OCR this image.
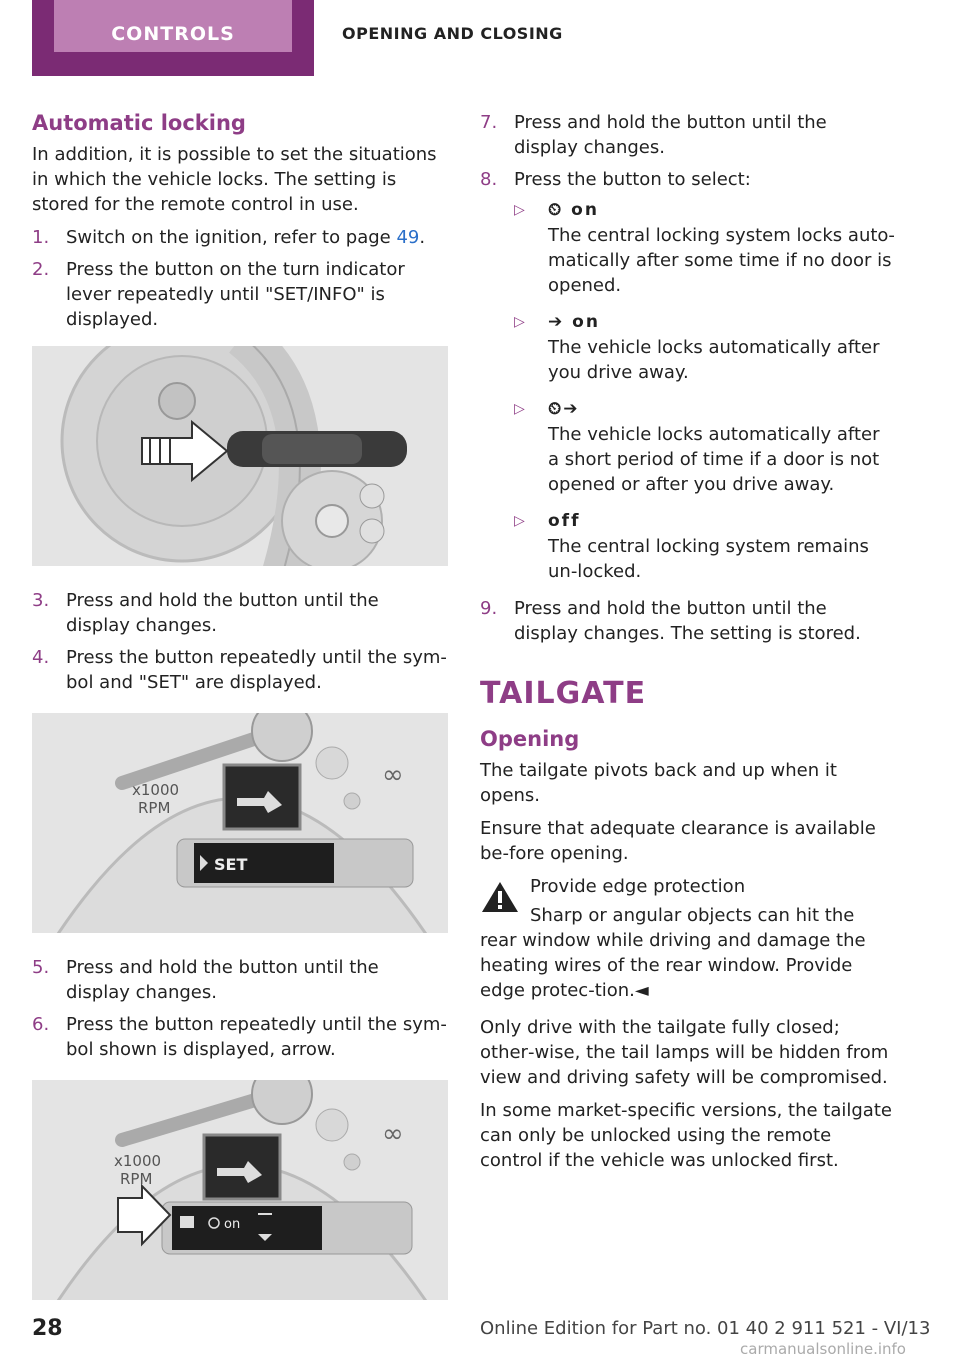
CONTROLS	OPENING AND CLOSING
Automatic locking

In addition, it is possible to set the situations in which the vehicle locks. The setting is stored for the remote control in use.

1. Switch on the ignition, refer to page 49.
2. Press the button on the turn indicator lever repeatedly until "SET/INFO" is displayed.
3. Press and hold the button until the display changes.
4. Press the button repeatedly until the sym‐bol and "SET" are displayed.
x1000
RPM
∞
SET
5. Press and hold the button until the display changes.
6. Press the button repeatedly until the sym‐bol shown is displayed, arrow.
x1000
RPM
∞
on
7. Press and hold the button until the display changes.
8. Press the button to select:
▷ ⏲ on
The central locking system locks auto‐matically after some time if no door is opened.
▷ ➔ on
The vehicle locks automatically after you drive away.
▷ ⏲➔
The vehicle locks automatically after a short period of time if a door is not opened or after you drive away.
▷ off
The central locking system remains un‐locked.
9. Press and hold the button until the display changes. The setting is stored.
TAILGATE
Opening

The tailgate pivots back and up when it opens.

Ensure that adequate clearance is available be‐fore opening.

Provide edge protection

Sharp or angular objects can hit the rear window while driving and damage the heating wires of the rear window. Provide edge protec‐tion.◄

Only drive with the tailgate fully closed; other‐wise, the tail lamps will be hidden from view and driving safety will be compromised.

In some market-specific versions, the tailgate can only be unlocked using the remote control if the vehicle was unlocked first.

28	Online Edition for Part no. 01 40 2 911 521 - VI/13
carmanualsonline.info
